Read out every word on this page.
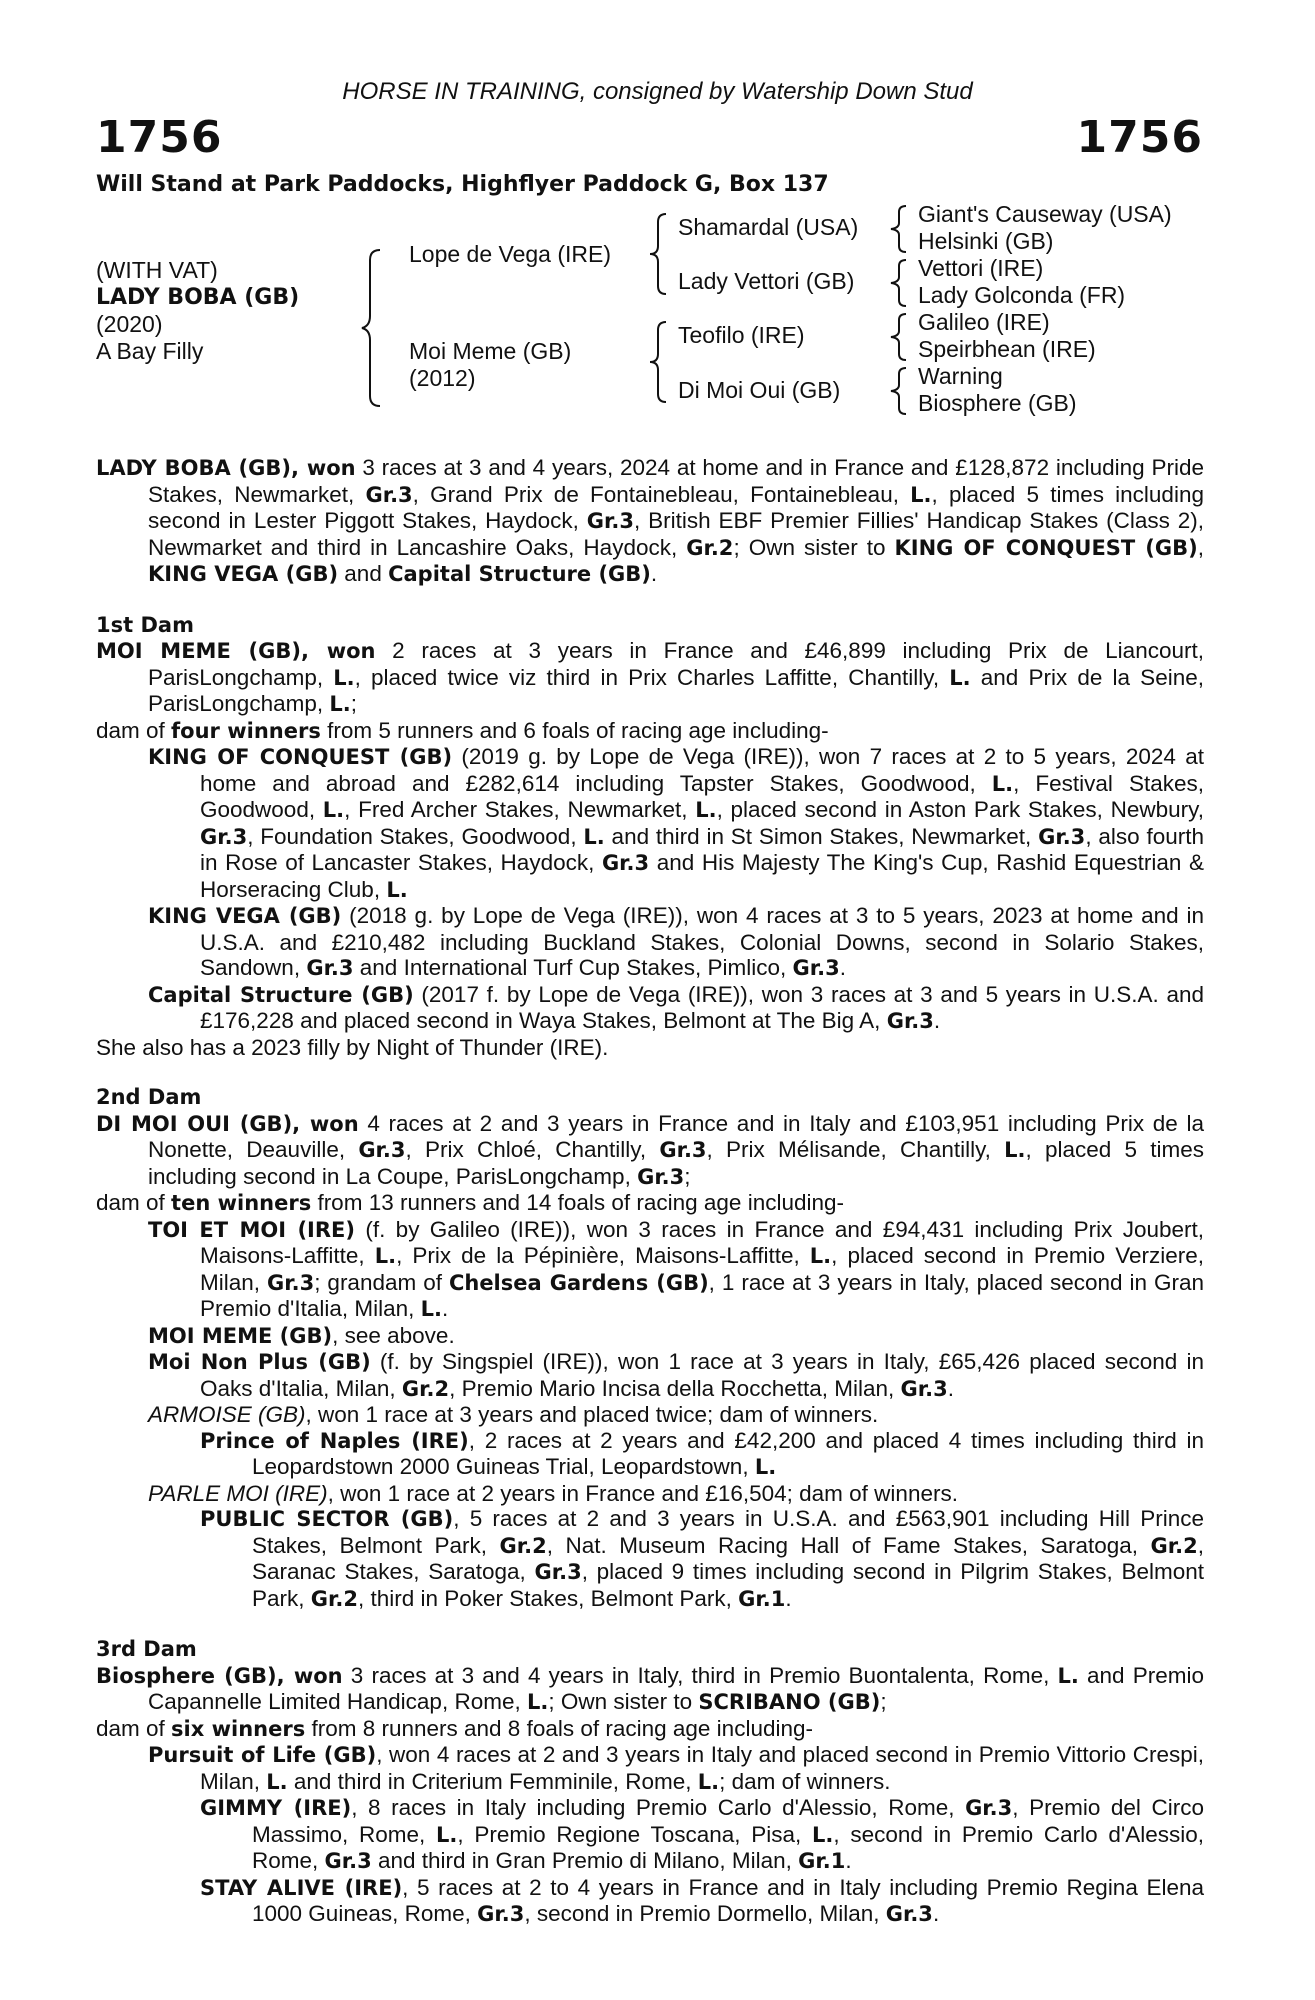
HORSE IN TRAINING, consigned by Watership Down Stud
1756	1756
Will Stand at Park Paddocks, Highflyer Paddock G, Box 137
(WITH VAT)
LADY BOBA (GB)
(2020)
A Bay Filly
Lope de Vega (IRE)
Moi Meme (GB)
(2012)
Shamardal (USA)
Lady Vettori (GB)
Teofilo (IRE)
Di Moi Oui (GB)
Giant's Causeway (USA)
Helsinki (GB)
Vettori (IRE)
Lady Golconda (FR)
Galileo (IRE)
Speirbhean (IRE)
Warning
Biosphere (GB)

LADY BOBA (GB), won 3 races at 3 and 4 years, 2024 at home and in France and £128,872 including Pride Stakes, Newmarket, Gr.3, Grand Prix de Fontainebleau, Fontainebleau, L., placed 5 times including second in Lester Piggott Stakes, Haydock, Gr.3, British EBF Premier Fillies' Handicap Stakes (Class 2), Newmarket and third in Lancashire Oaks, Haydock, Gr.2; Own sister to KING OF CONQUEST (GB), KING VEGA (GB) and Capital Structure (GB).

1st Dam

MOI MEME (GB), won 2 races at 3 years in France and £46,899 including Prix de Liancourt, ParisLongchamp, L., placed twice viz third in Prix Charles Laffitte, Chantilly, L. and Prix de la Seine, ParisLongchamp, L.;

dam of four winners from 5 runners and 6 foals of racing age including-

KING OF CONQUEST (GB) (2019 g. by Lope de Vega (IRE)), won 7 races at 2 to 5 years, 2024 at home and abroad and £282,614 including Tapster Stakes, Goodwood, L., Festival Stakes, Goodwood, L., Fred Archer Stakes, Newmarket, L., placed second in Aston Park Stakes, Newbury, Gr.3, Foundation Stakes, Goodwood, L. and third in St Simon Stakes, Newmarket, Gr.3, also fourth in Rose of Lancaster Stakes, Haydock, Gr.3 and His Majesty The King's Cup, Rashid Equestrian & Horseracing Club, L.

KING VEGA (GB) (2018 g. by Lope de Vega (IRE)), won 4 races at 3 to 5 years, 2023 at home and in U.S.A. and £210,482 including Buckland Stakes, Colonial Downs, second in Solario Stakes, Sandown, Gr.3 and International Turf Cup Stakes, Pimlico, Gr.3.

Capital Structure (GB) (2017 f. by Lope de Vega (IRE)), won 3 races at 3 and 5 years in U.S.A. and £176,228 and placed second in Waya Stakes, Belmont at The Big A, Gr.3.

She also has a 2023 filly by Night of Thunder (IRE).

2nd Dam

DI MOI OUI (GB), won 4 races at 2 and 3 years in France and in Italy and £103,951 including Prix de la Nonette, Deauville, Gr.3, Prix Chloé, Chantilly, Gr.3, Prix Mélisande, Chantilly, L., placed 5 times including second in La Coupe, ParisLongchamp, Gr.3;

dam of ten winners from 13 runners and 14 foals of racing age including-

TOI ET MOI (IRE) (f. by Galileo (IRE)), won 3 races in France and £94,431 including Prix Joubert, Maisons-Laffitte, L., Prix de la Pépinière, Maisons-Laffitte, L., placed second in Premio Verziere, Milan, Gr.3; grandam of Chelsea Gardens (GB), 1 race at 3 years in Italy, placed second in Gran Premio d'Italia, Milan, L..

MOI MEME (GB), see above.

Moi Non Plus (GB) (f. by Singspiel (IRE)), won 1 race at 3 years in Italy, £65,426 placed second in Oaks d'Italia, Milan, Gr.2, Premio Mario Incisa della Rocchetta, Milan, Gr.3.

ARMOISE (GB), won 1 race at 3 years and placed twice; dam of winners.

Prince of Naples (IRE), 2 races at 2 years and £42,200 and placed 4 times including third in Leopardstown 2000 Guineas Trial, Leopardstown, L.

PARLE MOI (IRE), won 1 race at 2 years in France and £16,504; dam of winners.

PUBLIC SECTOR (GB), 5 races at 2 and 3 years in U.S.A. and £563,901 including Hill Prince Stakes, Belmont Park, Gr.2, Nat. Museum Racing Hall of Fame Stakes, Saratoga, Gr.2, Saranac Stakes, Saratoga, Gr.3, placed 9 times including second in Pilgrim Stakes, Belmont Park, Gr.2, third in Poker Stakes, Belmont Park, Gr.1.

3rd Dam

Biosphere (GB), won 3 races at 3 and 4 years in Italy, third in Premio Buontalenta, Rome, L. and Premio Capannelle Limited Handicap, Rome, L.; Own sister to SCRIBANO (GB);

dam of six winners from 8 runners and 8 foals of racing age including-

Pursuit of Life (GB), won 4 races at 2 and 3 years in Italy and placed second in Premio Vittorio Crespi, Milan, L. and third in Criterium Femminile, Rome, L.; dam of winners.

GIMMY (IRE), 8 races in Italy including Premio Carlo d'Alessio, Rome, Gr.3, Premio del Circo Massimo, Rome, L., Premio Regione Toscana, Pisa, L., second in Premio Carlo d'Alessio, Rome, Gr.3 and third in Gran Premio di Milano, Milan, Gr.1.

STAY ALIVE (IRE), 5 races at 2 to 4 years in France and in Italy including Premio Regina Elena 1000 Guineas, Rome, Gr.3, second in Premio Dormello, Milan, Gr.3.
